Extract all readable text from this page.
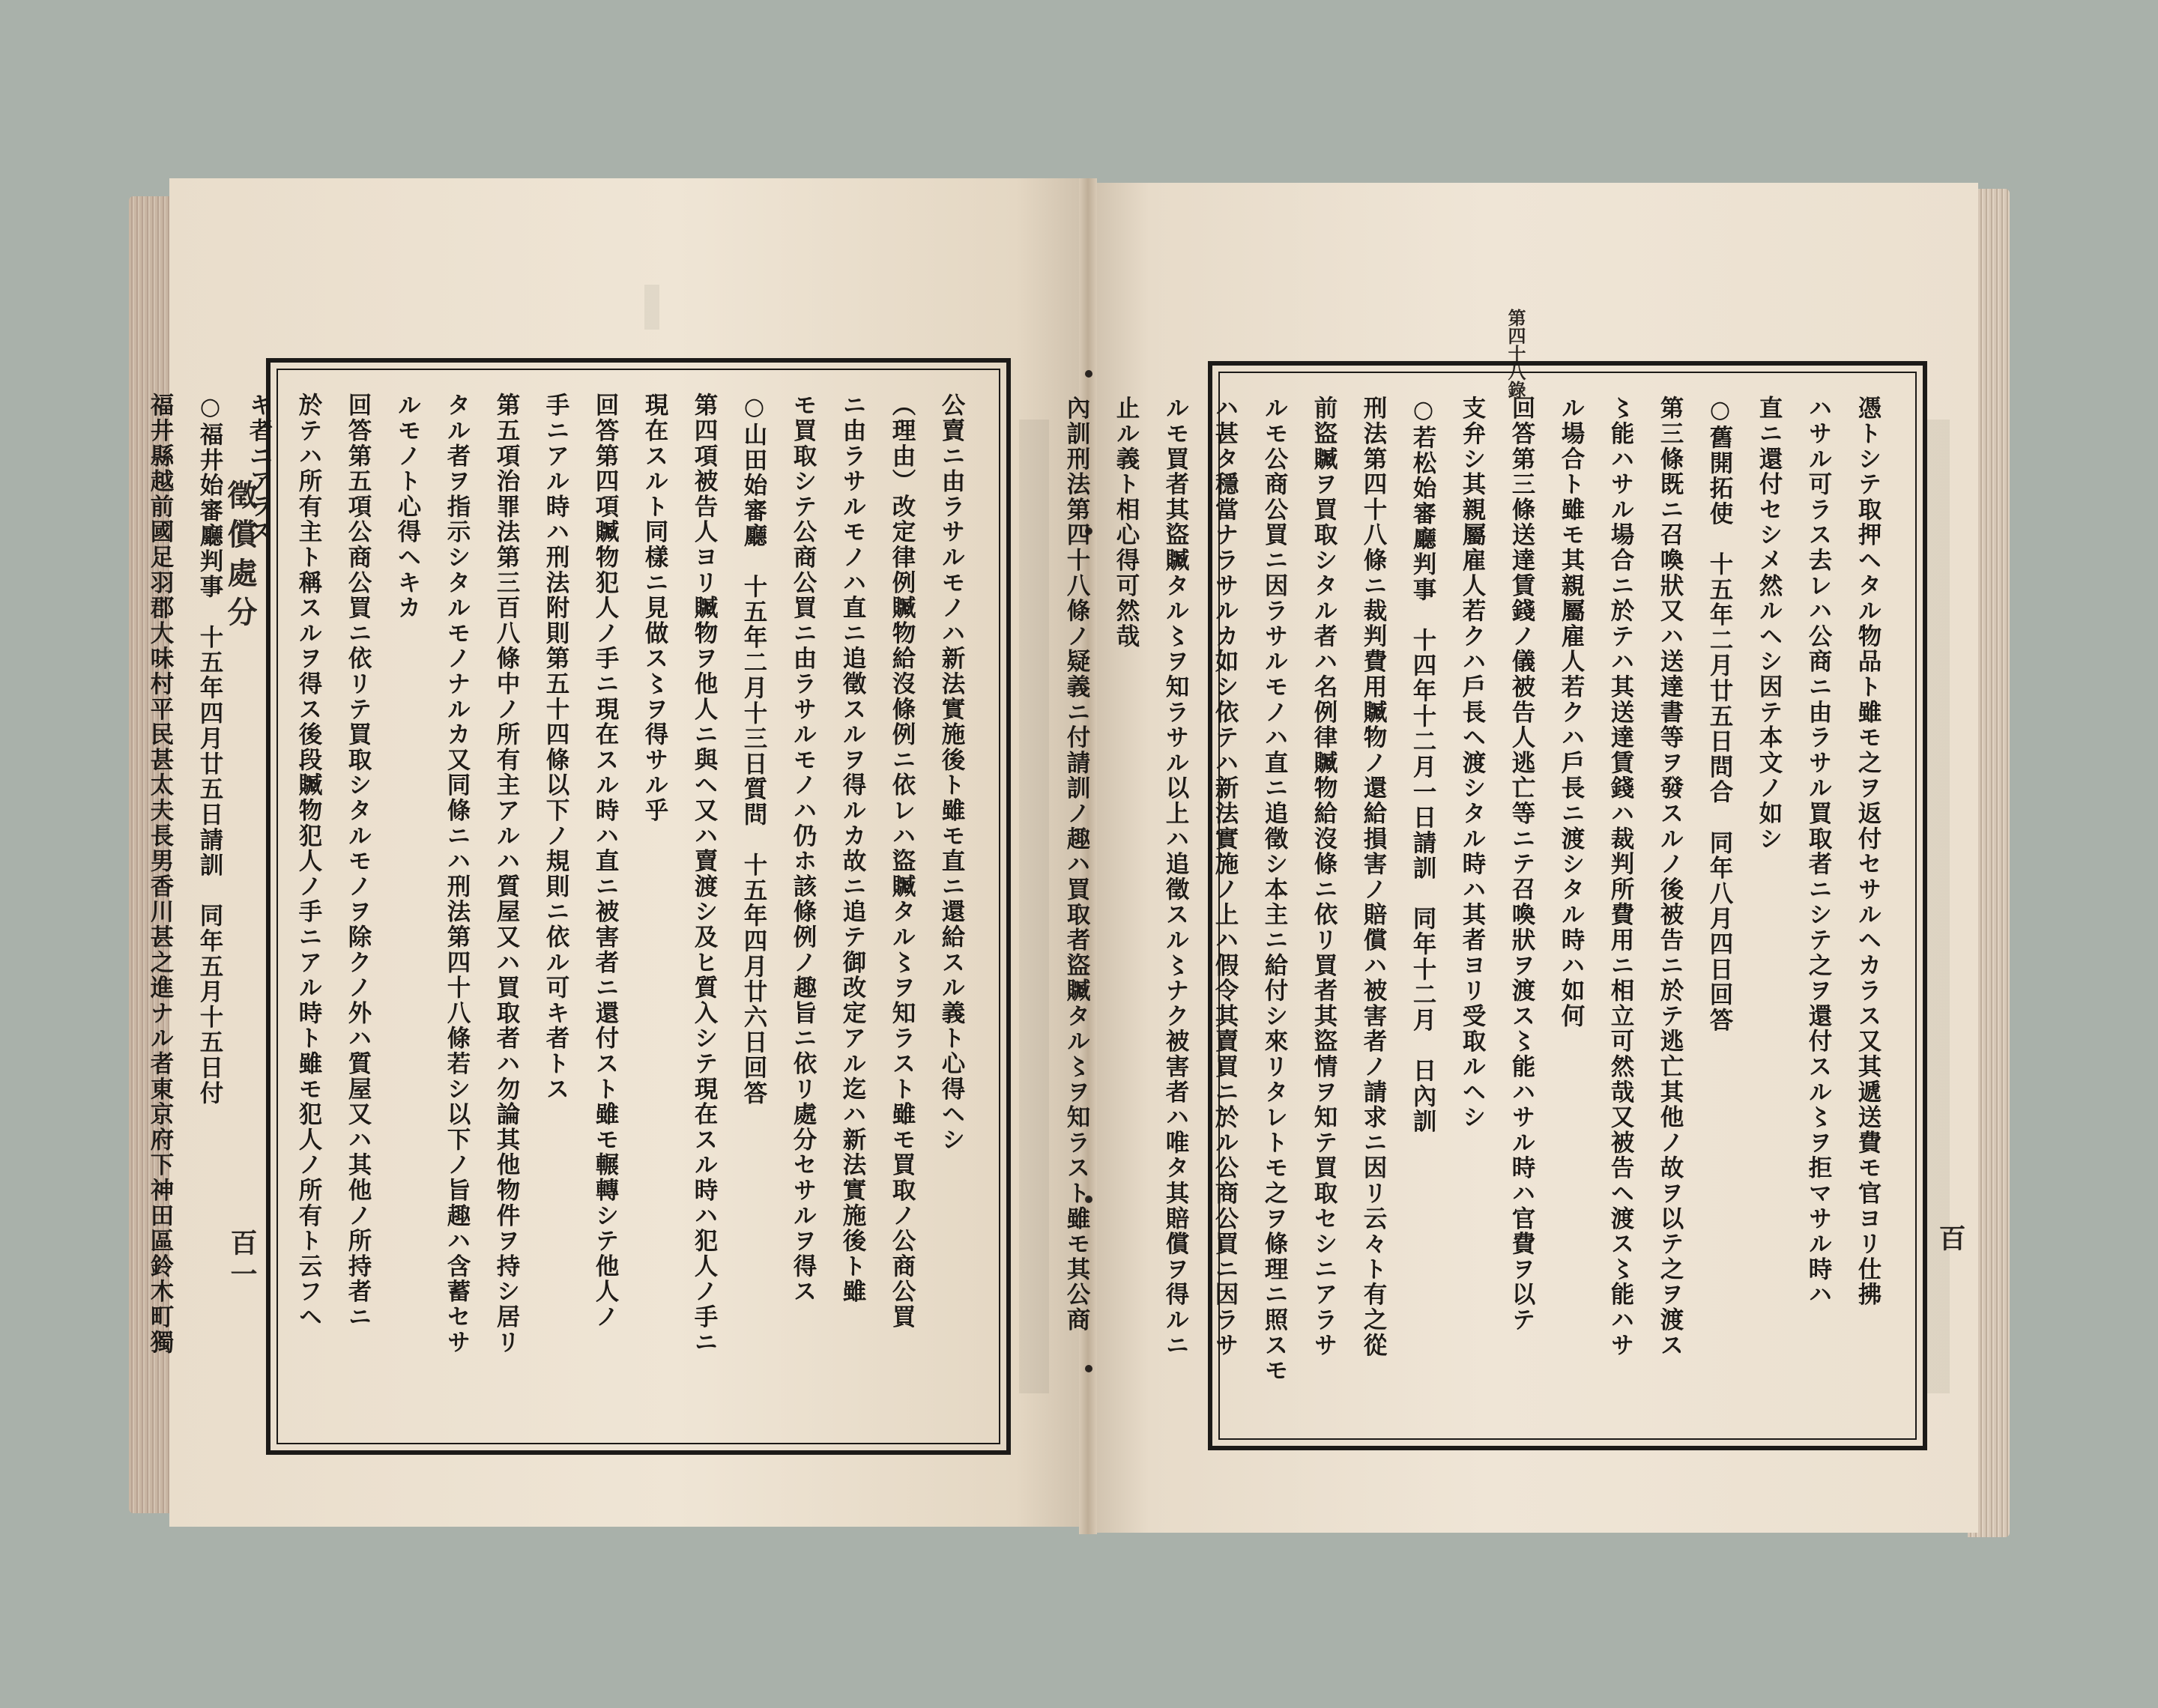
徵償處分
百一

公賣ニ由ラサルモノハ新法實施後ト雖モ直ニ還給スル義ト心得ヘシ

（理由）改定律例贓物給沒條例ニ依レハ盜贓タル〻ヲ知ラスト雖モ買取ノ公商公買

ニ由ラサルモノハ直ニ追徵スルヲ得ルカ故ニ追テ御改定アル迄ハ新法實施後ト雖

モ買取シテ公商公買ニ由ラサルモノハ仍ホ該條例ノ趣旨ニ依リ處分セサルヲ得ス

○山田始審廳　十五年二月十三日質問　十五年四月廿六日回答

第四項被告人ヨリ贓物ヲ他人ニ與ヘ又ハ賣渡シ及ヒ質入シテ現在スル時ハ犯人ノ手ニ

現在スルト同樣ニ見做ス〻ヲ得サル乎

回答第四項贓物犯人ノ手ニ現在スル時ハ直ニ被害者ニ還付スト雖モ輾轉シテ他人ノ

手ニアル時ハ刑法附則第五十四條以下ノ規則ニ依ル可キ者トス

第五項治罪法第三百八條中ノ所有主アルハ質屋又ハ買取者ハ勿論其他物件ヲ持シ居リ

タル者ヲ指示シタルモノナルカ又同條ニハ刑法第四十八條若シ以下ノ旨趣ハ含蓄セサ

ルモノト心得ヘキカ

回答第五項公商公買ニ依リテ買取シタルモノヲ除クノ外ハ質屋又ハ其他ノ所持者ニ

於テハ所有主ト稱スルヲ得ス後段贓物犯人ノ手ニアル時ト雖モ犯人ノ所有ト云フヘ

キ者ニアラス

○福井始審廳判事　十五年四月廿五日請訓　同年五月十五日付

福井縣越前國足羽郡大味村平民甚太夫長男香川甚之進ナル者東京府下神田區鈴木町獨

第四十八錄
百

憑トシテ取押ヘタル物品ト雖モ之ヲ返付セサルヘカラス又其遞送費モ官ヨリ仕拂

ハサル可ラス去レハ公商ニ由ラサル買取者ニシテ之ヲ還付スル〻ヲ拒マサル時ハ

直ニ還付セシメ然ルヘシ因テ本文ノ如シ

○舊開拓使　十五年二月廿五日問合　同年八月四日回答

第三條既ニ召喚狀又ハ送達書等ヲ發スルノ後被告ニ於テ逃亡其他ノ故ヲ以テ之ヲ渡ス

〻能ハサル場合ニ於テハ其送達賃錢ハ裁判所費用ニ相立可然哉又被告ヘ渡ス〻能ハサ

ル場合ト雖モ其親屬雇人若クハ戶長ニ渡シタル時ハ如何

回答第三條送達賃錢ノ儀被告人逃亡等ニテ召喚狀ヲ渡ス〻能ハサル時ハ官費ヲ以テ

支弁シ其親屬雇人若クハ戶長ヘ渡シタル時ハ其者ヨリ受取ルヘシ

○若松始審廳判事　十四年十二月一日請訓　同年十二月　日內訓

刑法第四十八條ニ裁判費用贓物ノ還給損害ノ賠償ハ被害者ノ請求ニ因リ云々ト有之從

前盜贓ヲ買取シタル者ハ名例律贓物給沒條ニ依リ買者其盜情ヲ知テ買取セシニアラサ

ルモ公商公買ニ因ラサルモノハ直ニ追徵シ本主ニ給付シ來リタレトモ之ヲ條理ニ照スモ

ハ甚タ穩當ナラサルカ如シ依テハ新法實施ノ上ハ假令其賣買ニ於ル公商公買ニ因ラサ

ルモ買者其盜贓タル〻ヲ知ラサル以上ハ追徵スル〻ナク被害者ハ唯タ其賠償ヲ得ルニ

止ル義ト相心得可然哉

內訓刑法第四十八條ノ疑義ニ付請訓ノ趣ハ買取者盜贓タル〻ヲ知ラスト雖モ其公商
